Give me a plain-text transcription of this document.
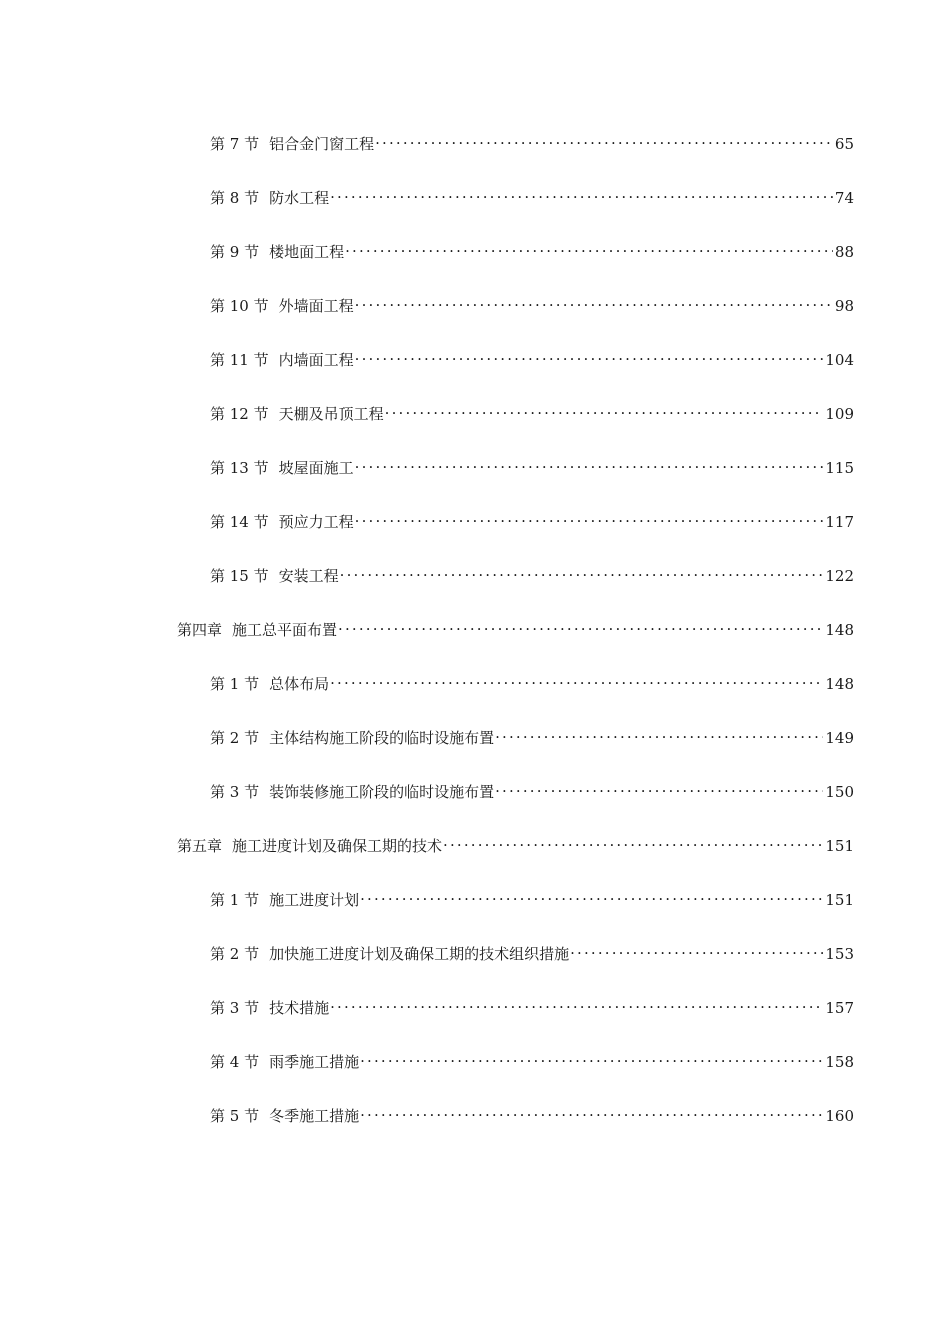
第 7 节 铝合金门窗工程 . . .	65
第 8 节 防水工程 . . .	74
第 9 节 楼地面工程 . . .	88
第 10 节 外墙面工程 . . .	98
第 11 节 内墙面工程 . . .	104
第 12 节 天棚及吊顶工程 . . .	109
第 13 节 坡屋面施工 . . .	115
第 14 节 预应力工程 . . .	117
第 15 节 安装工程 . . .	122
第四章 施工总平面布置 . . .	148
第 1 节 总体布局 . . .	148
第 2 节 主体结构施工阶段的临时设施布置 . . .	149
第 3 节 装饰装修施工阶段的临时设施布置 . . .	150
第五章 施工进度计划及确保工期的技术 . . .	151
第 1 节 施工进度计划 . . .	151
第 2 节 加快施工进度计划及确保工期的技术组织措施 . . .	153
第 3 节 技术措施 . . .	157
第 4 节 雨季施工措施 . . .	158
第 5 节 冬季施工措施 . . .	160
